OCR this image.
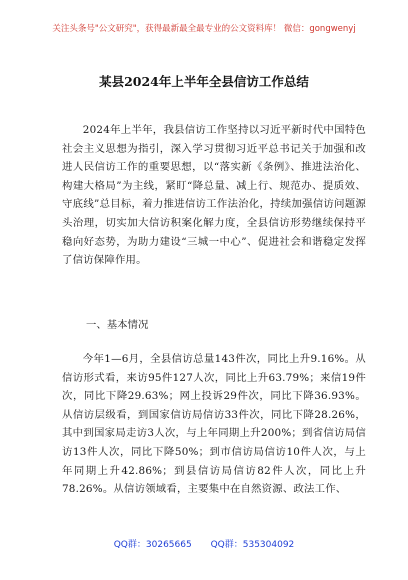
关注头条号"公文研究"，获得最新最全最专业的公文资料库！ 微信：gongwenyj
某县2024年上半年全县信访工作总结

2024年上半年，我县信访工作坚持以习近平新时代中国特色社会主义思想为指引，深入学习贯彻习近平总书记关于加强和改进人民信访工作的重要思想，以“落实新《条例》、推进法治化、构建大格局”为主线，紧盯“降总量、减上行、规范办、提质效、守底线”总目标，着力推进信访工作法治化，持续加强信访问题源头治理，切实加大信访积案化解力度，全县信访形势继续保持平稳向好态势，为助力建设“三城一中心”、促进社会和谐稳定发挥了信访保障作用。

一、基本情况

今年1—6月，全县信访总量143件次，同比上升9.16%。从信访形式看，来访95件127人次，同比上升63.79%；来信19件次，同比下降29.63%；网上投诉29件次，同比下降36.93%。从信访层级看，到国家信访局信访33件次，同比下降28.26%，其中到国家局走访3人次，与上年同期上升200%；到省信访局信访13件人次，同比下降50%；到市信访局信访10件人次，与上年同期上升42.86%；到县信访局信访82件人次，同比上升78.26%。从信访领域看，主要集中在自然资源、政法工作、

QQ群：30265665 QQ群：535304092
